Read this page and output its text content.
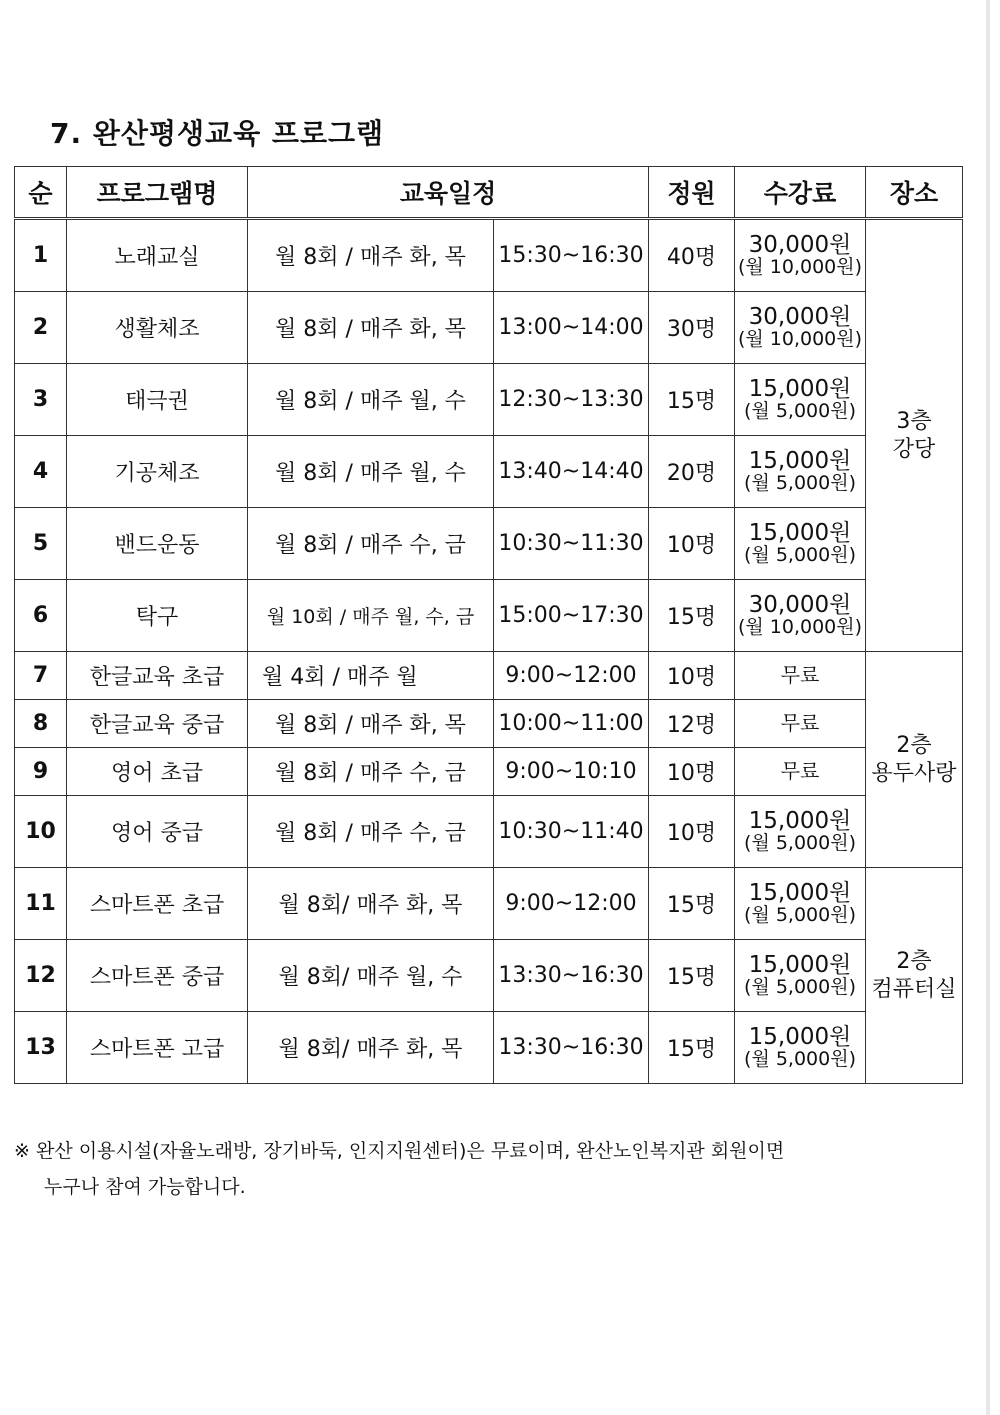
7. 완산평생교육 프로그램
순	프로그램명	교육일정		정원	수강료	장소
1	노래교실	월 8회 / 매주 화, 목	15:30~16:30	40명	30,000원
(월 10,000원)	3층
강당

2	생활체조	월 8회 / 매주 화, 목	13:00~14:00	30명	30,000원
(월 10,000원)	

3	태극권	월 8회 / 매주 월, 수	12:30~13:30	15명	15,000원
(월 5,000원)	

4	기공체조	월 8회 / 매주 월, 수	13:40~14:40	20명	15,000원
(월 5,000원)	

5	밴드운동	월 8회 / 매주 수, 금	10:30~11:30	10명	15,000원
(월 5,000원)	

6	탁구	월 10회 / 매주 월, 수, 금	15:00~17:30	15명	30,000원
(월 10,000원)	

7	한글교육 초급	월 4회 / 매주 월	9:00~12:00	10명	무료	2층
용두사랑

8	한글교육 중급	월 8회 / 매주 화, 목	10:00~11:00	12명	무료	

9	영어 초급	월 8회 / 매주 수, 금	9:00~10:10	10명	무료	

10	영어 중급	월 8회 / 매주 수, 금	10:30~11:40	10명	15,000원
(월 5,000원)	

11	스마트폰 초급	월 8회/ 매주 화, 목	9:00~12:00	15명	15,000원
(월 5,000원)	2층
컴퓨터실

12	스마트폰 중급	월 8회/ 매주 월, 수	13:30~16:30	15명	15,000원
(월 5,000원)	

13	스마트폰 고급	월 8회/ 매주 화, 목	13:30~16:30	15명	15,000원
(월 5,000원)	

※ 완산 이용시설(자율노래방, 장기바둑, 인지지원센터)은 무료이며, 완산노인복지관 회원이면
누구나 참여 가능합니다.
